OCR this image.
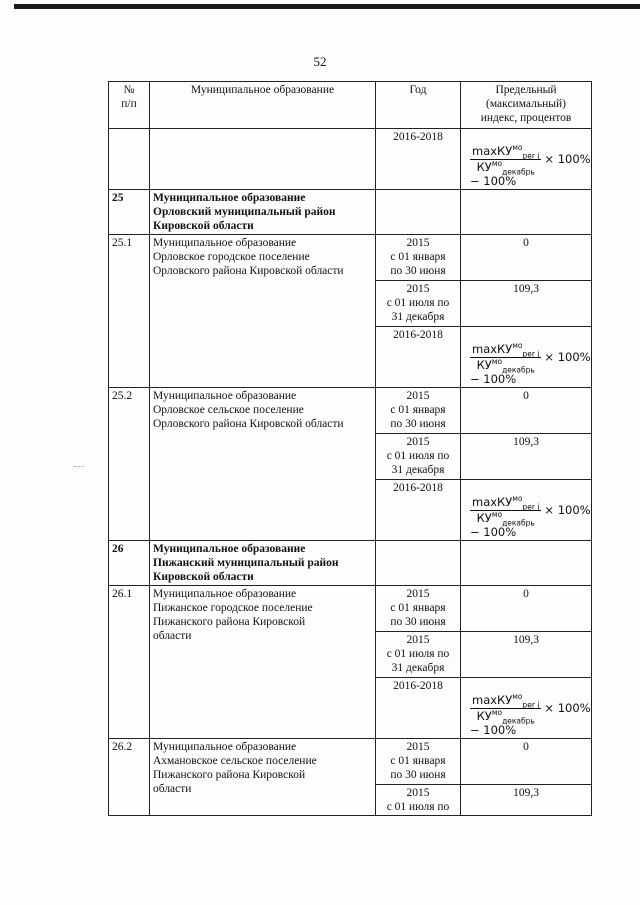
52
№
п/п	Муниципальное образование	Год	Предельный
(максимальный)
индекс, процентов
		2016-2018	$\frac{\max КУ^{мо}_{per j}}{КУ^{мо}_{декабрь}} \times 100\%$
− 100%

25	Муниципальное образование
Орловский муниципальный район
Кировской области		
25.1	Муниципальное образование
Орловское городское поселение
Орловского района Кировской области	2015
с 01 января
по 30 июня	0
		2015
с 01 июля по
31 декабря	109,3
		2016-2018	$\frac{\max КУ^{мо}_{per j}}{КУ^{мо}_{декабрь}} \times 100\%$
− 100%

25.2	Муниципальное образование
Орловское сельское поселение
Орловского района Кировской области	2015
с 01 января
по 30 июня	0
		2015
с 01 июля по
31 декабря	109,3
		2016-2018	$\frac{\max КУ^{мо}_{per j}}{КУ^{мо}_{декабрь}} \times 100\%$
− 100%

26	Муниципальное образование
Пижанский муниципальный район
Кировской области		
26.1	Муниципальное образование
Пижанское городское поселение
Пижанского района Кировской
области	2015
с 01 января
по 30 июня	0
		2015
с 01 июля по
31 декабря	109,3
		2016-2018	$\frac{\max КУ^{мо}_{per j}}{КУ^{мо}_{декабрь}} \times 100\%$
− 100%

26.2	Муниципальное образование
Ахмановское сельское поселение
Пижанского района Кировской
области	2015
с 01 января
по 30 июня	0
		2015
с 01 июля по	109,3
